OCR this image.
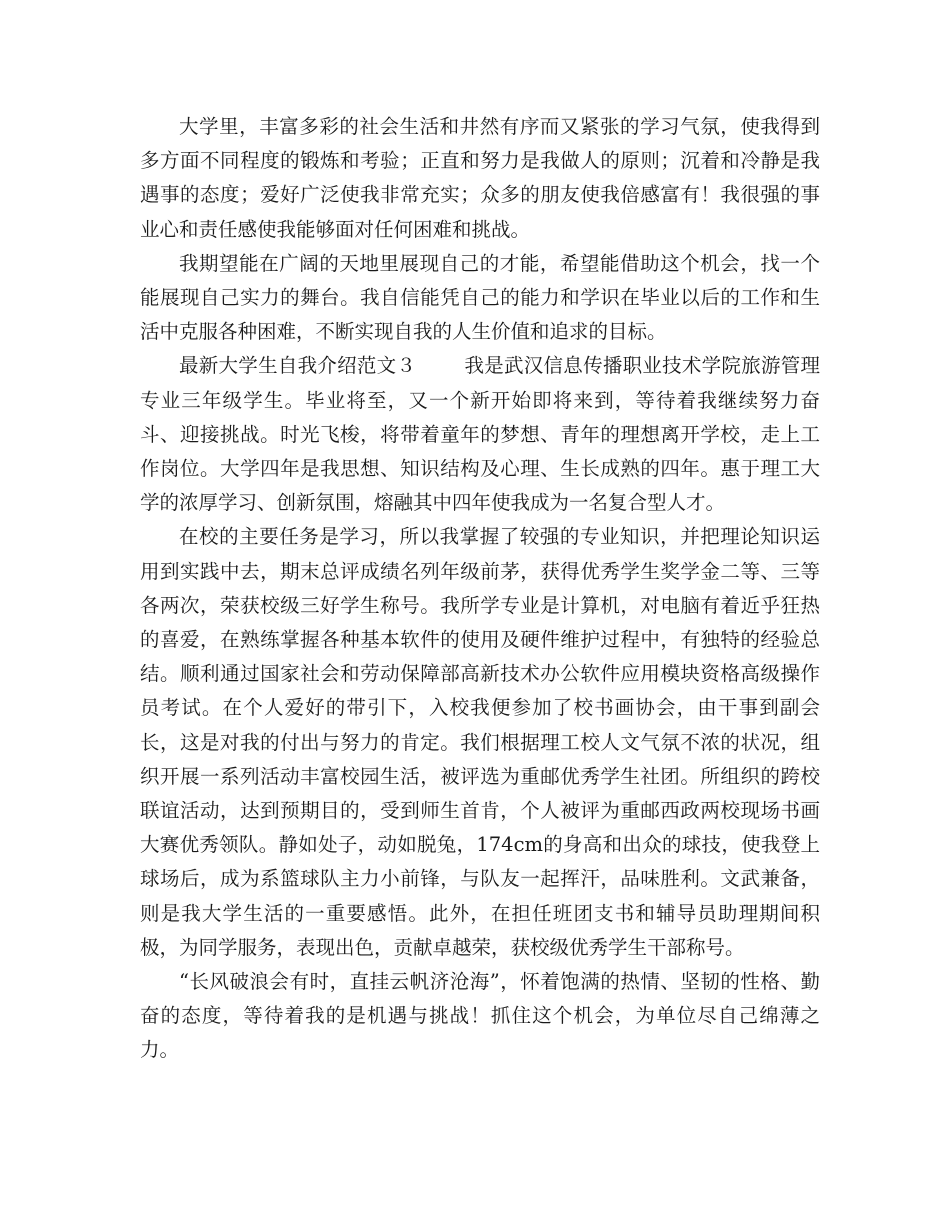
大学里，丰富多彩的社会生活和井然有序而又紧张的学习气氛，使我得到多方面不同程度的锻炼和考验；正直和努力是我做人的原则；沉着和冷静是我遇事的态度；爱好广泛使我非常充实；众多的朋友使我倍感富有！我很强的事业心和责任感使我能够面对任何困难和挑战。

我期望能在广阔的天地里展现自己的才能，希望能借助这个机会，找一个能展现自己实力的舞台。我自信能凭自己的能力和学识在毕业以后的工作和生活中克服各种困难，不断实现自我的人生价值和追求的目标。

最新大学生自我介绍范文３ 我是武汉信息传播职业技术学院旅游管理专业三年级学生。毕业将至，又一个新开始即将来到，等待着我继续努力奋斗、迎接挑战。时光飞梭，将带着童年的梦想、青年的理想离开学校，走上工作岗位。大学四年是我思想、知识结构及心理、生长成熟的四年。惠于理工大学的浓厚学习、创新氛围，熔融其中四年使我成为一名复合型人才。

在校的主要任务是学习，所以我掌握了较强的专业知识，并把理论知识运用到实践中去，期末总评成绩名列年级前茅，获得优秀学生奖学金二等、三等各两次，荣获校级三好学生称号。我所学专业是计算机，对电脑有着近乎狂热的喜爱，在熟练掌握各种基本软件的使用及硬件维护过程中，有独特的经验总结。顺利通过国家社会和劳动保障部高新技术办公软件应用模块资格高级操作员考试。在个人爱好的带引下，入校我便参加了校书画协会，由干事到副会长，这是对我的付出与努力的肯定。我们根据理工校人文气氛不浓的状况，组织开展一系列活动丰富校园生活，被评选为重邮优秀学生社团。所组织的跨校联谊活动，达到预期目的，受到师生首肯，个人被评为重邮西政两校现场书画大赛优秀领队。静如处子，动如脱兔，174cm的身高和出众的球技，使我登上球场后，成为系篮球队主力小前锋，与队友一起挥汗，品味胜利。文武兼备，则是我大学生活的一重要感悟。此外，在担任班团支书和辅导员助理期间积极，为同学服务，表现出色，贡献卓越荣，获校级优秀学生干部称号。

“长风破浪会有时，直挂云帆济沧海”，怀着饱满的热情、坚韧的性格、勤奋的态度，等待着我的是机遇与挑战！抓住这个机会，为单位尽自己绵薄之力。
